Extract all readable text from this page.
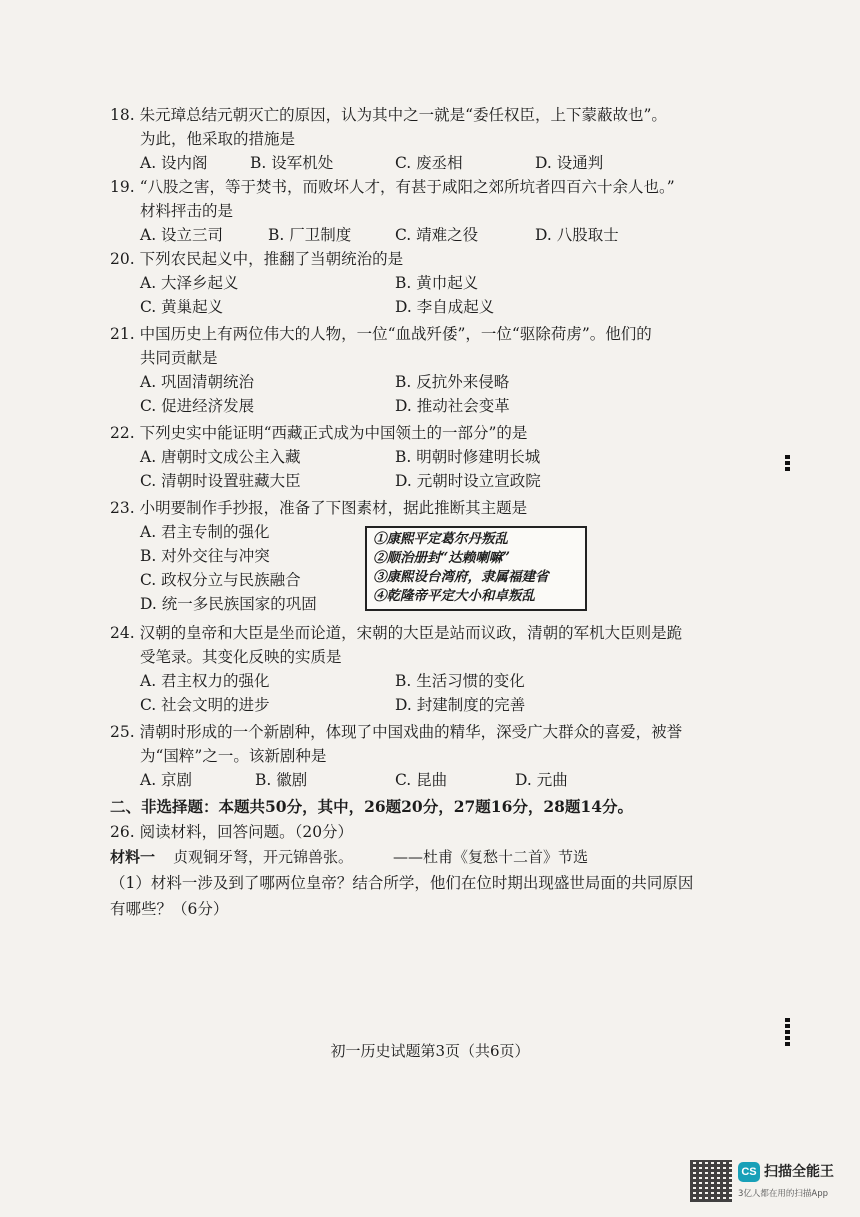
18. 朱元璋总结元朝灭亡的原因，认为其中之一就是“委任权臣，上下蒙蔽故也”。
为此，他采取的措施是
A. 设内阁	B. 设军机处	C. 废丞相	D. 设通判
19. “八股之害，等于焚书，而败坏人才，有甚于咸阳之郊所坑者四百六十余人也。”
材料抨击的是
A. 设立三司	B. 厂卫制度	C. 靖难之役	D. 八股取士
20. 下列农民起义中，推翻了当朝统治的是
A. 大泽乡起义	B. 黄巾起义
C. 黄巢起义	D. 李自成起义
21. 中国历史上有两位伟大的人物，一位“血战歼倭”，一位“驱除荷虏”。他们的
共同贡献是
A. 巩固清朝统治	B. 反抗外来侵略
C. 促进经济发展	D. 推动社会变革
22. 下列史实中能证明“西藏正式成为中国领土的一部分”的是
A. 唐朝时文成公主入藏	B. 明朝时修建明长城
C. 清朝时设置驻藏大臣	D. 元朝时设立宣政院
23. 小明要制作手抄报，准备了下图素材，据此推断其主题是
A. 君主专制的强化
B. 对外交往与冲突
C. 政权分立与民族融合
D. 统一多民族国家的巩固
①康熙平定葛尔丹叛乱
②顺治册封“达赖喇嘛”
③康熙设台湾府，隶属福建省
④乾隆帝平定大小和卓叛乱
24. 汉朝的皇帝和大臣是坐而论道，宋朝的大臣是站而议政，清朝的军机大臣则是跪
受笔录。其变化反映的实质是
A. 君主权力的强化	B. 生活习惯的变化
C. 社会文明的进步	D. 封建制度的完善
25. 清朝时形成的一个新剧种，体现了中国戏曲的精华，深受广大群众的喜爱，被誉
为“国粹”之一。该新剧种是
A. 京剧	B. 徽剧	C. 昆曲	D. 元曲
二、非选择题：本题共50分，其中，26题20分，27题16分，28题14分。
26. 阅读材料，回答问题。（20分）
材料一 贞观铜牙弩，开元锦兽张。	——杜甫《复愁十二首》节选
（1）材料一涉及到了哪两位皇帝？结合所学，他们在位时期出现盛世局面的共同原因
有哪些？（6分）
初一历史试题第3页（共6页）
CS 扫描全能王
3亿人都在用的扫描App
